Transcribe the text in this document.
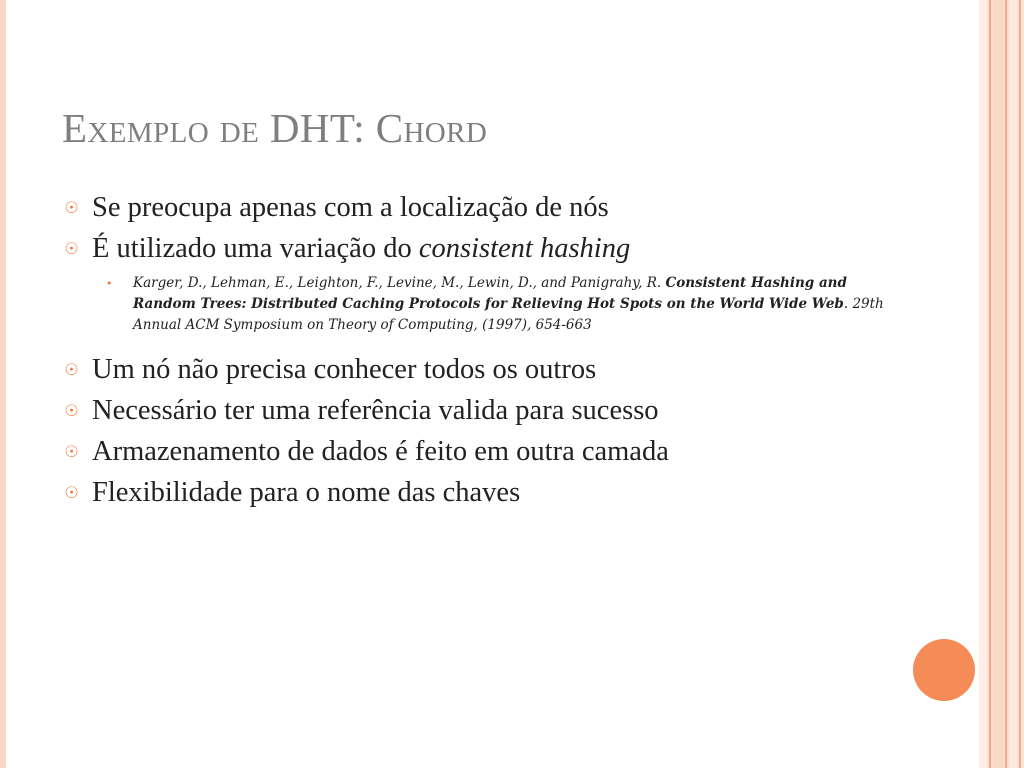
Exemplo de DHT: Chord
☉ Se preocupa apenas com a localização de nós
☉ É utilizado uma variação do consistent hashing
• Karger, D., Lehman, E., Leighton, F., Levine, M., Lewin, D., and Panigrahy, R. Consistent Hashing and Random Trees: Distributed Caching Protocols for Relieving Hot Spots on the World Wide Web. 29th Annual ACM Symposium on Theory of Computing, (1997), 654-663
☉ Um nó não precisa conhecer todos os outros
☉ Necessário ter uma referência valida para sucesso
☉ Armazenamento de dados é feito em outra camada
☉ Flexibilidade para o nome das chaves
